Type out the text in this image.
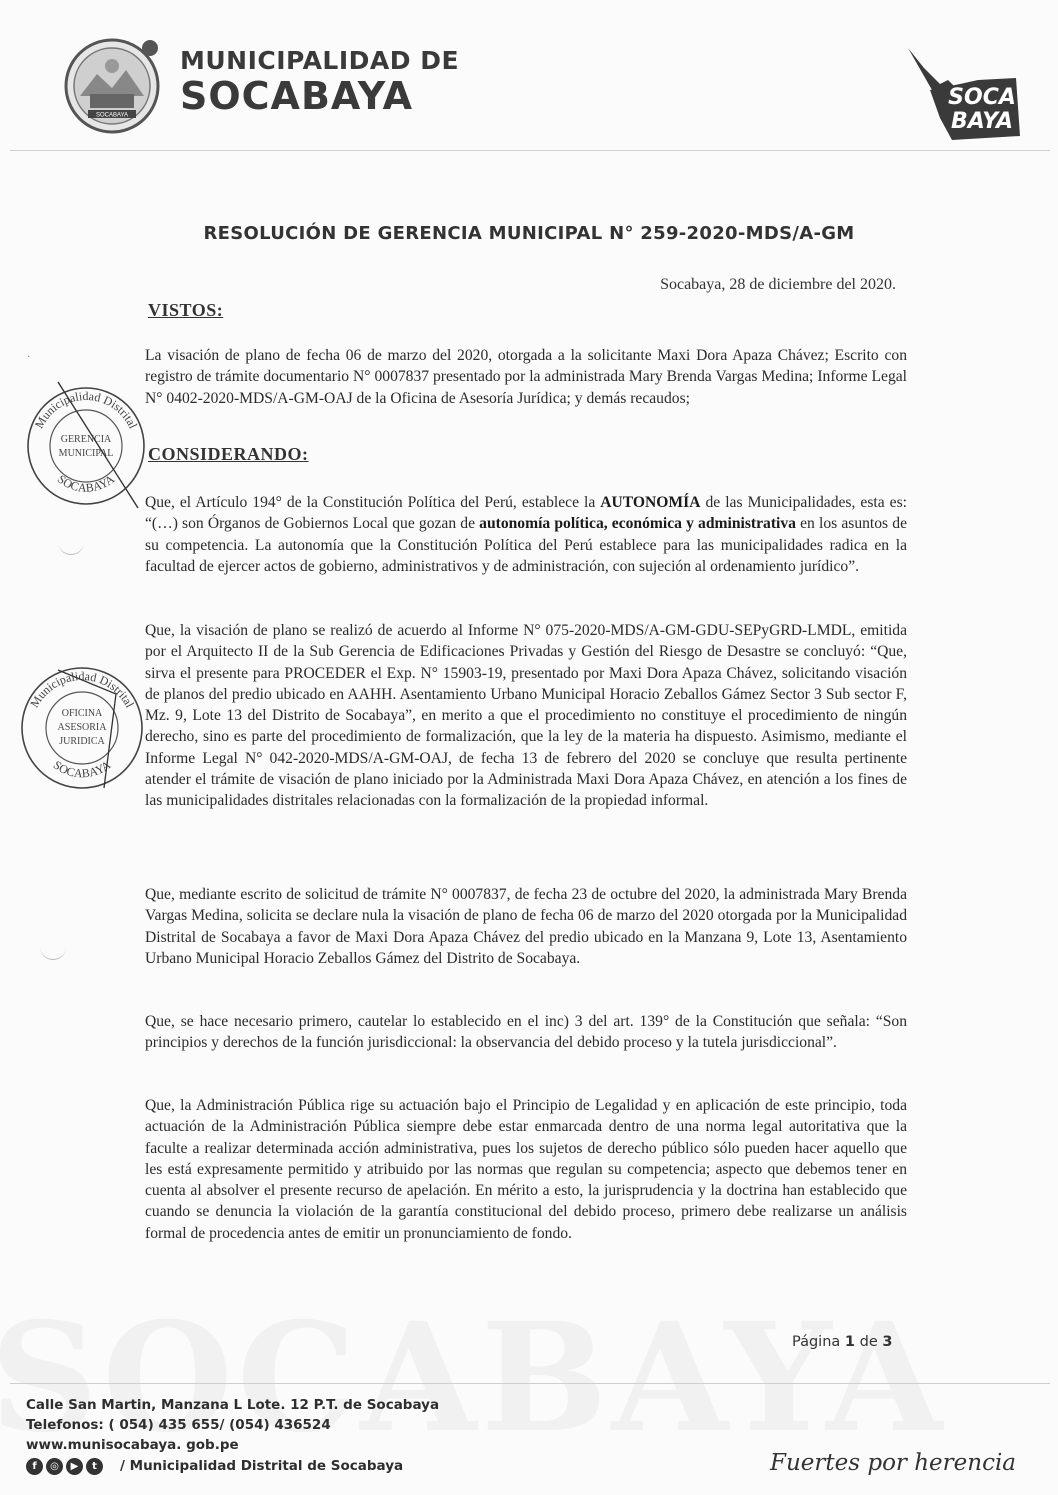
SOCABAYA
MUNICIPALIDAD DE
SOCABAYA	SOCA
BAYA
·
RESOLUCIÓN DE GERENCIA MUNICIPAL N° 259-2020-MDS/A-GM
Socabaya, 28 de diciembre del 2020.
VISTOS:
La visación de plano de fecha 06 de marzo del 2020, otorgada a la solicitante Maxi Dora Apaza Chávez; Escrito con registro de trámite documentario N° 0007837 presentado por la administrada Mary Brenda Vargas Medina; Informe Legal N° 0402-2020-MDS/A-GM-OAJ de la Oficina de Asesoría Jurídica; y demás recaudos;
CONSIDERANDO:
Que, el Artículo 194° de la Constitución Política del Perú, establece la AUTONOMÍA de las Municipalidades, esta es: “(…) son Órganos de Gobiernos Local que gozan de autonomía política, económica y administrativa en los asuntos de su competencia. La autonomía que la Constitución Política del Perú establece para las municipalidades radica en la facultad de ejercer actos de gobierno, administrativos y de administración, con sujeción al ordenamiento jurídico”.
Que, la visación de plano se realizó de acuerdo al Informe N° 075-2020-MDS/A-GM-GDU-SEPyGRD-LMDL, emitida por el Arquitecto II de la Sub Gerencia de Edificaciones Privadas y Gestión del Riesgo de Desastre se concluyó: “Que, sirva el presente para PROCEDER el Exp. N° 15903-19, presentado por Maxi Dora Apaza Chávez, solicitando visación de planos del predio ubicado en AAHH. Asentamiento Urbano Municipal Horacio Zeballos Gámez Sector 3 Sub sector F, Mz. 9, Lote 13 del Distrito de Socabaya”, en merito a que el procedimiento no constituye el procedimiento de ningún derecho, sino es parte del procedimiento de formalización, que la ley de la materia ha dispuesto. Asimismo, mediante el Informe Legal N° 042-2020-MDS/A-GM-OAJ, de fecha 13 de febrero del 2020 se concluye que resulta pertinente atender el trámite de visación de plano iniciado por la Administrada Maxi Dora Apaza Chávez, en atención a los fines de las municipalidades distritales relacionadas con la formalización de la propiedad informal.
Que, mediante escrito de solicitud de trámite N° 0007837, de fecha 23 de octubre del 2020, la administrada Mary Brenda Vargas Medina, solicita se declare nula la visación de plano de fecha 06 de marzo del 2020 otorgada por la Municipalidad Distrital de Socabaya a favor de Maxi Dora Apaza Chávez del predio ubicado en la Manzana 9, Lote 13, Asentamiento Urbano Municipal Horacio Zeballos Gámez del Distrito de Socabaya.
Que, se hace necesario primero, cautelar lo establecido en el inc) 3 del art. 139° de la Constitución que señala: “Son principios y derechos de la función jurisdiccional: la observancia del debido proceso y la tutela jurisdiccional”.
Que, la Administración Pública rige su actuación bajo el Principio de Legalidad y en aplicación de este principio, toda actuación de la Administración Pública siempre debe estar enmarcada dentro de una norma legal autoritativa que la faculte a realizar determinada acción administrativa, pues los sujetos de derecho público sólo pueden hacer aquello que les está expresamente permitido y atribuido por las normas que regulan su competencia; aspecto que debemos tener en cuenta al absolver el presente recurso de apelación. En mérito a esto, la jurisprudencia y la doctrina han establecido que cuando se denuncia la violación de la garantía constitucional del debido proceso, primero debe realizarse un análisis formal de procedencia antes de emitir un pronunciamiento de fondo.
Municipalidad Distrital
SOCABAYA
GERENCIA
MUNICIPAL
Municipalidad Distrital
SOCABAYA
OFICINA
ASESORIA
JURIDICA
Página 1 de 3
Calle San Martin, Manzana L Lote. 12 P.T. de Socabaya
Telefonos: ( 054) 435 655/ (054) 436524
www.munisocabaya. gob.pe
f	◎	▶	t	/ Municipalidad Distrital de Socabaya	Fuertes por herencia
